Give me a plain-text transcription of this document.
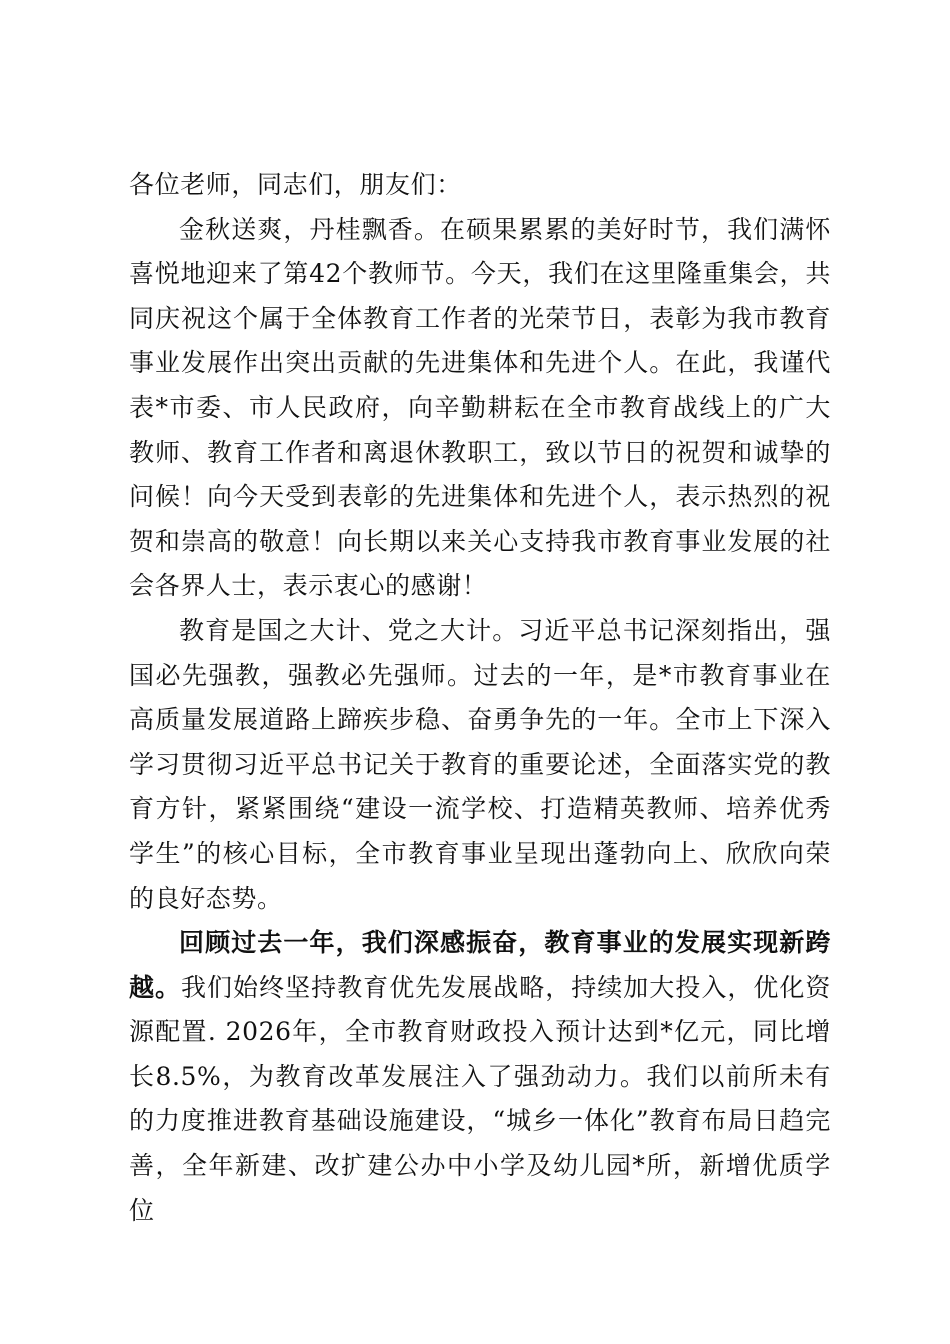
各位老师，同志们，朋友们：

金秋送爽，丹桂飘香。在硕果累累的美好时节，我们满怀喜悦地迎来了第42个教师节。今天，我们在这里隆重集会，共同庆祝这个属于全体教育工作者的光荣节日，表彰为我市教育事业发展作出突出贡献的先进集体和先进个人。在此，我谨代表*市委、市人民政府，向辛勤耕耘在全市教育战线上的广大教师、教育工作者和离退休教职工，致以节日的祝贺和诚挚的问候！向今天受到表彰的先进集体和先进个人，表示热烈的祝贺和崇高的敬意！向长期以来关心支持我市教育事业发展的社会各界人士，表示衷心的感谢！

教育是国之大计、党之大计。习近平总书记深刻指出，强国必先强教，强教必先强师。过去的一年，是*市教育事业在高质量发展道路上蹄疾步稳、奋勇争先的一年。全市上下深入学习贯彻习近平总书记关于教育的重要论述，全面落实党的教育方针，紧紧围绕“建设一流学校、打造精英教师、培养优秀学生”的核心目标，全市教育事业呈现出蓬勃向上、欣欣向荣的良好态势。

回顾过去一年，我们深感振奋，教育事业的发展实现新跨越。我们始终坚持教育优先发展战略，持续加大投入，优化资源配置. 2026年，全市教育财政投入预计达到*亿元，同比增长8.5%，为教育改革发展注入了强劲动力。我们以前所未有的力度推进教育基础设施建设，“城乡一体化”教育布局日趋完善，全年新建、改扩建公办中小学及幼儿园*所，新增优质学位
